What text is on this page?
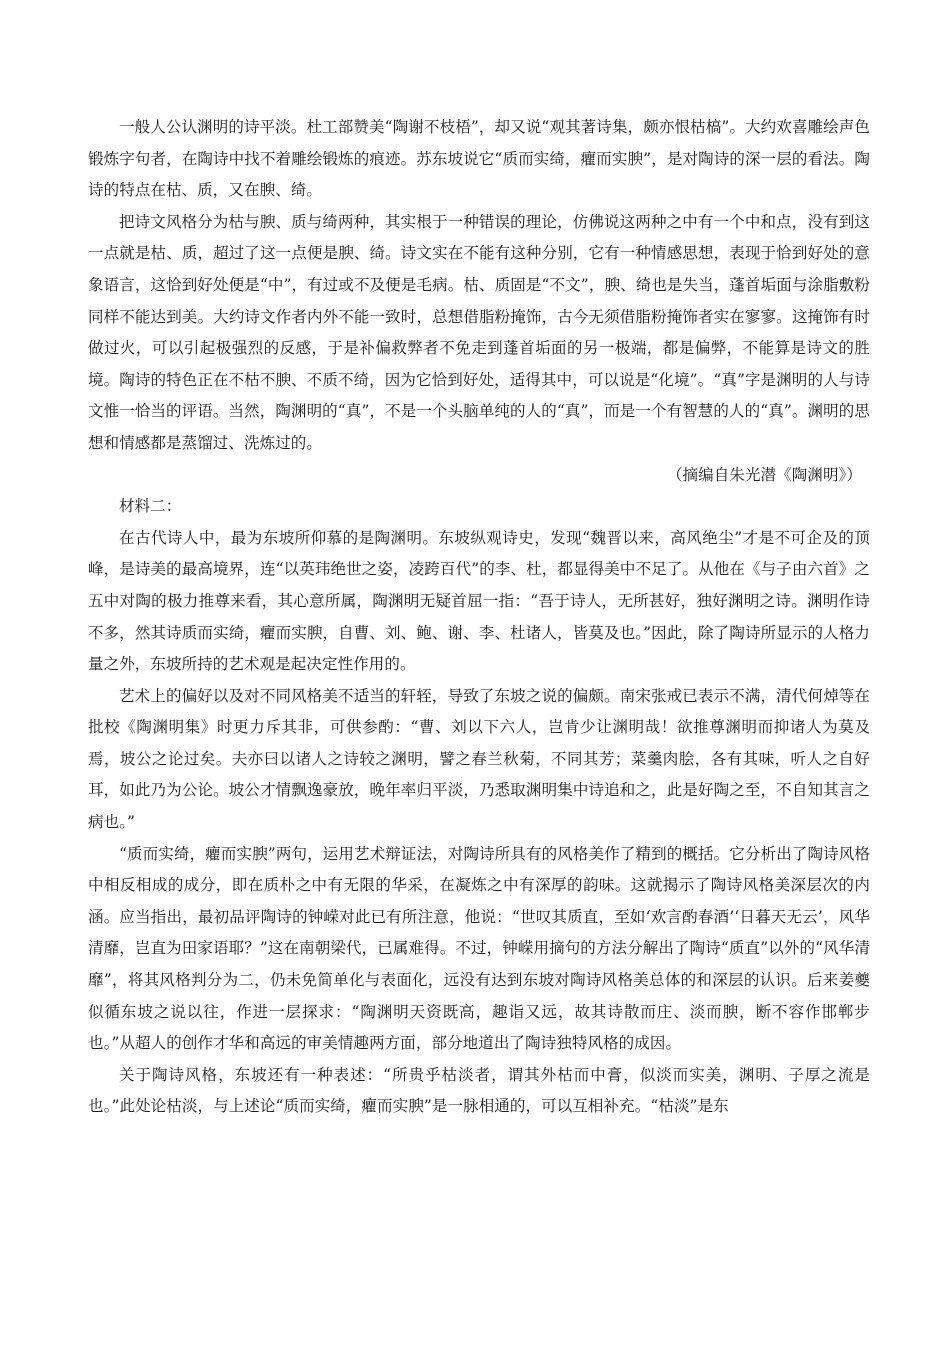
一般人公认渊明的诗平淡。杜工部赞美“陶谢不枝梧”，却又说“观其著诗集，颇亦恨枯槁”。大约欢喜雕绘声色锻炼字句者，在陶诗中找不着雕绘锻炼的痕迹。苏东坡说它“质而实绮，癯而实腴”，是对陶诗的深一层的看法。陶诗的特点在枯、质，又在腴、绮。

把诗文风格分为枯与腴、质与绮两种，其实根于一种错误的理论，仿佛说这两种之中有一个中和点，没有到这一点就是枯、质，超过了这一点便是腴、绮。诗文实在不能有这种分别，它有一种情感思想，表现于恰到好处的意象语言，这恰到好处便是“中”，有过或不及便是毛病。枯、质固是“不文”，腴、绮也是失当，蓬首垢面与涂脂敷粉同样不能达到美。大约诗文作者内外不能一致时，总想借脂粉掩饰，古今无须借脂粉掩饰者实在寥寥。这掩饰有时做过火，可以引起极强烈的反感，于是补偏救弊者不免走到蓬首垢面的另一极端，都是偏弊，不能算是诗文的胜境。陶诗的特色正在不枯不腴、不质不绮，因为它恰到好处，适得其中，可以说是“化境”。“真”字是渊明的人与诗文惟一恰当的评语。当然，陶渊明的“真”，不是一个头脑单纯的人的“真”，而是一个有智慧的人的“真”。渊明的思想和情感都是蒸馏过、洗炼过的。

（摘编自朱光潜《陶渊明》）

材料二：

在古代诗人中，最为东坡所仰慕的是陶渊明。东坡纵观诗史，发现“魏晋以来，高风绝尘”才是不可企及的顶峰，是诗美的最高境界，连“以英玮绝世之姿，凌跨百代”的李、杜，都显得美中不足了。从他在《与子由六首》之五中对陶的极力推尊来看，其心意所属，陶渊明无疑首屈一指：“吾于诗人，无所甚好，独好渊明之诗。渊明作诗不多，然其诗质而实绮，癯而实腴，自曹、刘、鲍、谢、李、杜诸人，皆莫及也。”因此，除了陶诗所显示的人格力量之外，东坡所持的艺术观是起决定性作用的。

艺术上的偏好以及对不同风格美不适当的轩轾，导致了东坡之说的偏颇。南宋张戒已表示不满，清代何焯等在批校《陶渊明集》时更力斥其非，可供参酌：“曹、刘以下六人，岂肯少让渊明哉！欲推尊渊明而抑诸人为莫及焉，坡公之论过矣。夫亦曰以诸人之诗较之渊明，譬之春兰秋菊，不同其芳；菜羹肉脍，各有其味，听人之自好耳，如此乃为公论。坡公才情飘逸豪放，晚年率归平淡，乃悉取渊明集中诗追和之，此是好陶之至，不自知其言之病也。”

“质而实绮，癯而实腴”两句，运用艺术辩证法，对陶诗所具有的风格美作了精到的概括。它分析出了陶诗风格中相反相成的成分，即在质朴之中有无限的华采，在凝炼之中有深厚的韵味。这就揭示了陶诗风格美深层次的内涵。应当指出，最初品评陶诗的钟嵘对此已有所注意，他说：“世叹其质直，至如‘欢言酌春酒’‘日暮天无云’，风华清靡，岂直为田家语耶？”这在南朝梁代，已属难得。不过，钟嵘用摘句的方法分解出了陶诗“质直”以外的“风华清靡”，将其风格判分为二，仍未免简单化与表面化，远没有达到东坡对陶诗风格美总体的和深层的认识。后来姜夔似循东坡之说以往，作进一层探求：“陶渊明天资既高，趣诣又远，故其诗散而庄、淡而腴，断不容作邯郸步也。”从超人的创作才华和高远的审美情趣两方面，部分地道出了陶诗独特风格的成因。

关于陶诗风格，东坡还有一种表述：“所贵乎枯淡者，谓其外枯而中膏，似淡而实美，渊明、子厚之流是也。”此处论枯淡，与上述论“质而实绮，癯而实腴”是一脉相通的，可以互相补充。“枯淡”是东
